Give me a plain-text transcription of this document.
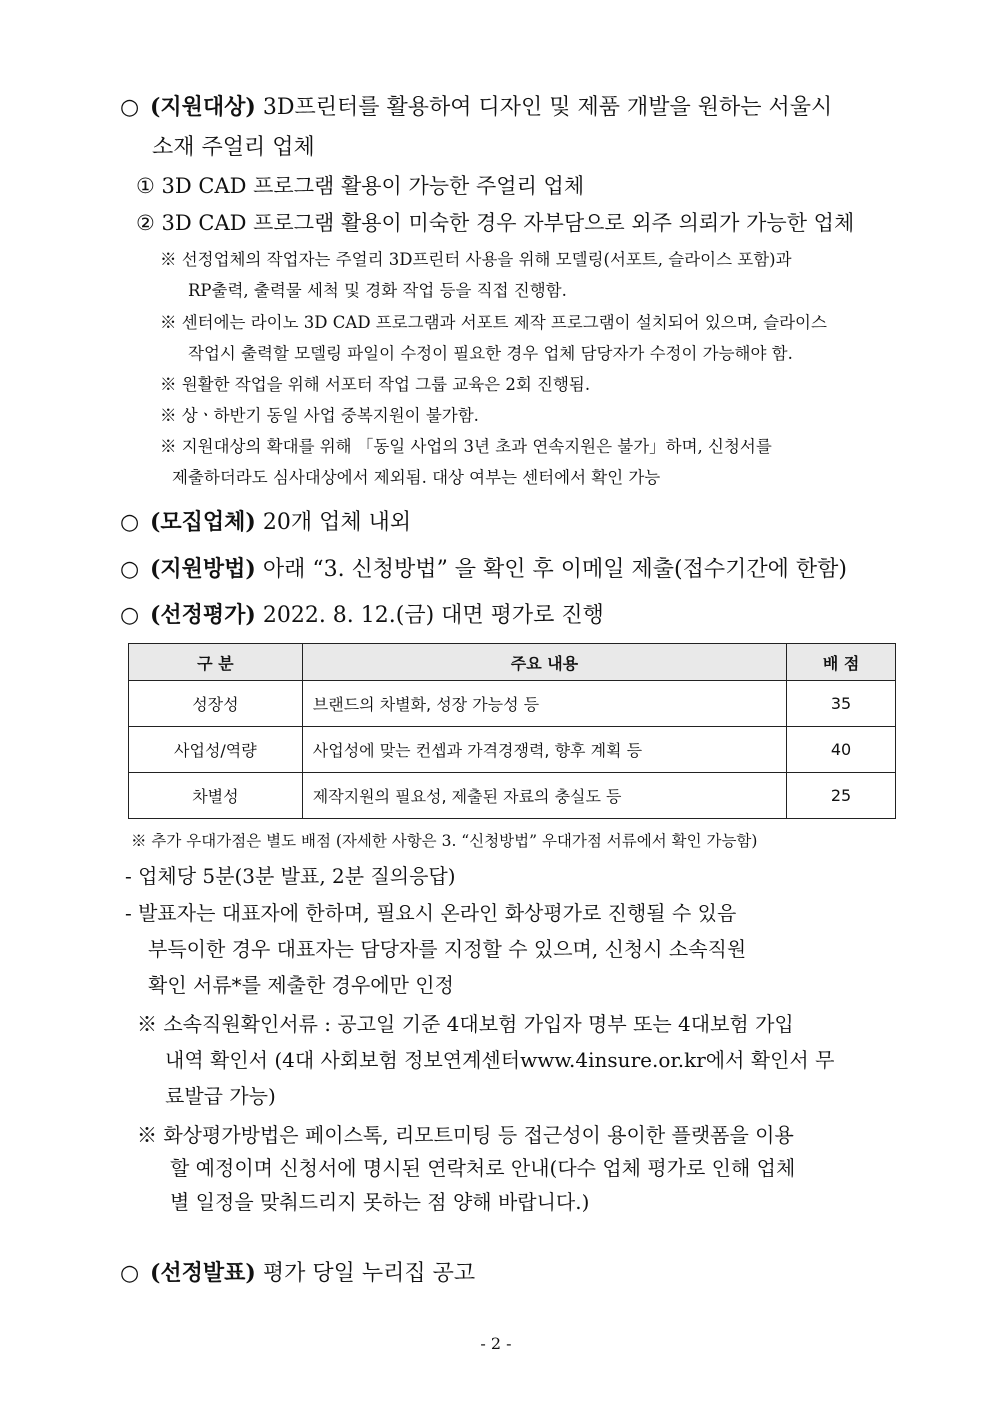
○ (지원대상) 3D프린터를 활용하여 디자인 및 제품 개발을 원하는 서울시
소재 주얼리 업체
① 3D CAD 프로그램 활용이 가능한 주얼리 업체
② 3D CAD 프로그램 활용이 미숙한 경우 자부담으로 외주 의뢰가 가능한 업체
※ 선정업체의 작업자는 주얼리 3D프린터 사용을 위해 모델링(서포트, 슬라이스 포함)과
RP출력, 출력물 세척 및 경화 작업 등을 직접 진행함.
※ 센터에는 라이노 3D CAD 프로그램과 서포트 제작 프로그램이 설치되어 있으며, 슬라이스
작업시 출력할 모델링 파일이 수정이 필요한 경우 업체 담당자가 수정이 가능해야 함.
※ 원활한 작업을 위해 서포터 작업 그룹 교육은 2회 진행됨.
※ 상ㆍ하반기 동일 사업 중복지원이 불가함.
※ 지원대상의 확대를 위해 「동일 사업의 3년 초과 연속지원은 불가」하며, 신청서를
제출하더라도 심사대상에서 제외됨. 대상 여부는 센터에서 확인 가능
○ (모집업체) 20개 업체 내외
○ (지원방법) 아래 “3. 신청방법” 을 확인 후 이메일 제출(접수기간에 한함)
○ (선정평가) 2022. 8. 12.(금) 대면 평가로 진행
구 분	주요 내용	배 점
성장성	브랜드의 차별화, 성장 가능성 등	35
사업성/역량	사업성에 맞는 컨셉과 가격경쟁력, 향후 계획 등	40
차별성	제작지원의 필요성, 제출된 자료의 충실도 등	25
※ 추가 우대가점은 별도 배점 (자세한 사항은 3. “신청방법” 우대가점 서류에서 확인 가능함)
- 업체당 5분(3분 발표, 2분 질의응답)
- 발표자는 대표자에 한하며, 필요시 온라인 화상평가로 진행될 수 있음
부득이한 경우 대표자는 담당자를 지정할 수 있으며, 신청시 소속직원
확인 서류*를 제출한 경우에만 인정
※ 소속직원확인서류 : 공고일 기준 4대보험 가입자 명부 또는 4대보험 가입
내역 확인서 (4대 사회보험 정보연계센터www.4insure.or.kr에서 확인서 무
료발급 가능)
※ 화상평가방법은 페이스톡, 리모트미팅 등 접근성이 용이한 플랫폼을 이용
할 예정이며 신청서에 명시된 연락처로 안내(다수 업체 평가로 인해 업체
별 일정을 맞춰드리지 못하는 점 양해 바랍니다.)
○ (선정발표) 평가 당일 누리집 공고
- 2 -
